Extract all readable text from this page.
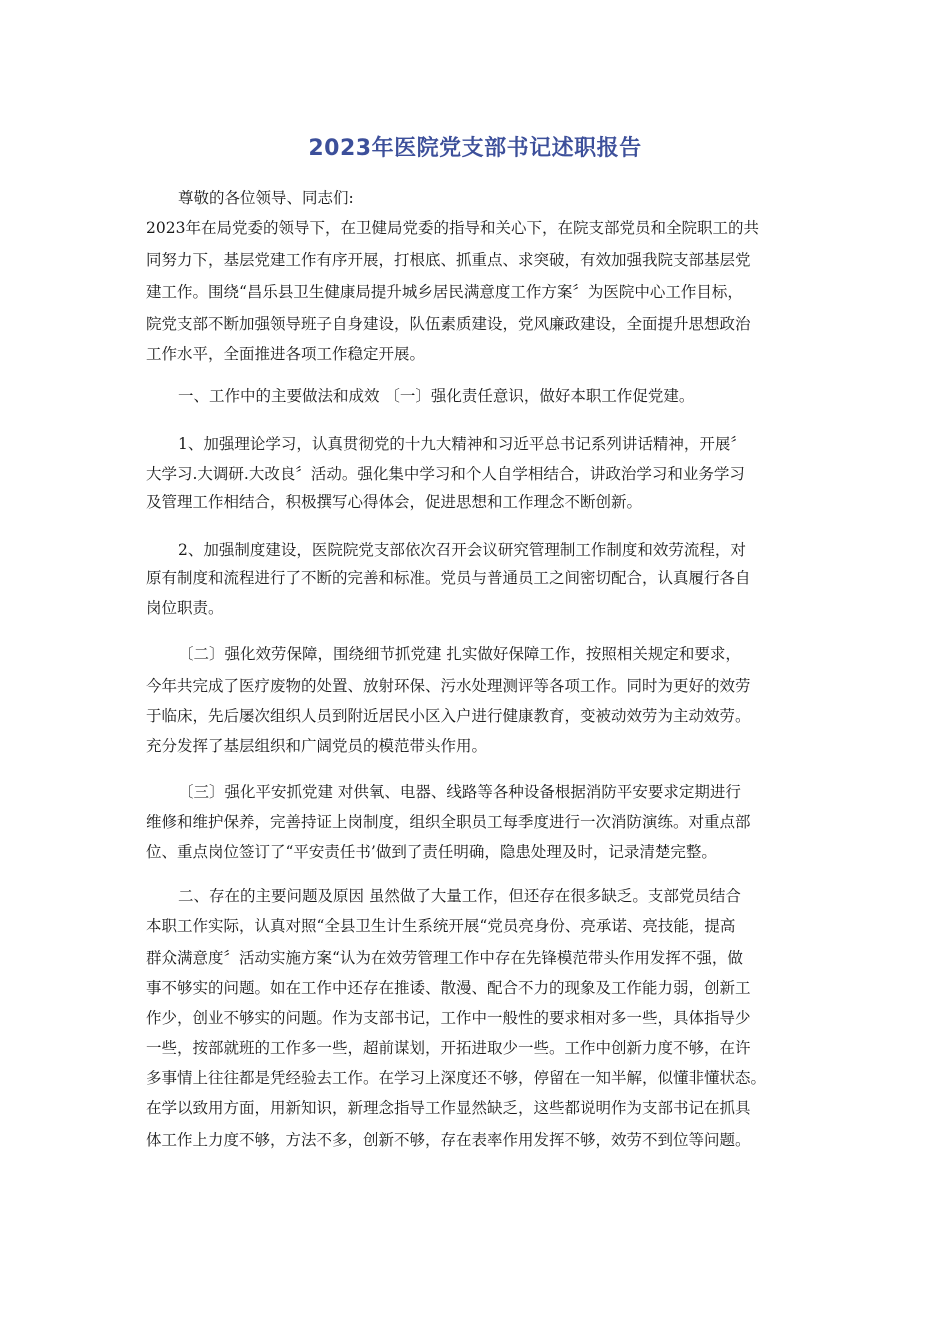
2023年医院党支部书记述职报告
尊敬的各位领导、同志们:
2023年在局党委的领导下，在卫健局党委的指导和关心下，在院支部党员和全院职工的共
同努力下，基层党建工作有序开展，打根底、抓重点、求突破，有效加强我院支部基层党
建工作。围绕“昌乐县卫生健康局提升城乡居民满意度工作方案〞为医院中心工作目标，
院党支部不断加强领导班子自身建设，队伍素质建设，党风廉政建设，全面提升思想政治
工作水平，全面推进各项工作稳定开展。
一、工作中的主要做法和成效 〔一〕强化责任意识，做好本职工作促党建。
1、加强理论学习，认真贯彻党的十九大精神和习近平总书记系列讲话精神，开展〞
大学习.大调研.大改良〞活动。强化集中学习和个人自学相结合，讲政治学习和业务学习
及管理工作相结合，积极撰写心得体会，促进思想和工作理念不断创新。
2、加强制度建设，医院院党支部依次召开会议研究管理制工作制度和效劳流程，对
原有制度和流程进行了不断的完善和标准。党员与普通员工之间密切配合，认真履行各自
岗位职责。
〔二〕强化效劳保障，围绕细节抓党建 扎实做好保障工作，按照相关规定和要求，
今年共完成了医疗废物的处置、放射环保、污水处理测评等各项工作。同时为更好的效劳
于临床，先后屡次组织人员到附近居民小区入户进行健康教育，变被动效劳为主动效劳。
充分发挥了基层组织和广阔党员的模范带头作用。
〔三〕强化平安抓党建 对供氧、电器、线路等各种设备根据消防平安要求定期进行
维修和维护保养，完善持证上岗制度，组织全职员工每季度进行一次消防演练。对重点部
位、重点岗位签订了“平安责任书’做到了责任明确，隐患处理及时，记录清楚完整。
二、存在的主要问题及原因 虽然做了大量工作，但还存在很多缺乏。支部党员结合
本职工作实际，认真对照“全县卫生计生系统开展“党员亮身份、亮承诺、亮技能，提高
群众满意度〞活动实施方案“认为在效劳管理工作中存在先锋模范带头作用发挥不强，做
事不够实的问题。如在工作中还存在推诿、散漫、配合不力的现象及工作能力弱，创新工
作少，创业不够实的问题。作为支部书记，工作中一般性的要求相对多一些，具体指导少
一些，按部就班的工作多一些，超前谋划，开拓进取少一些。工作中创新力度不够，在许
多事情上往往都是凭经验去工作。在学习上深度还不够，停留在一知半解，似懂非懂状态。
在学以致用方面，用新知识，新理念指导工作显然缺乏，这些都说明作为支部书记在抓具
体工作上力度不够，方法不多，创新不够，存在表率作用发挥不够，效劳不到位等问题。
